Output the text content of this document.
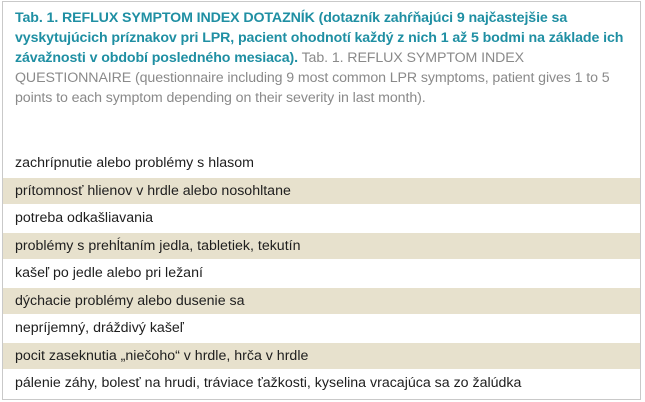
Tab. 1. REFLUX SYMPTOM INDEX DOTAZNÍK (dotazník zahŕňajúci 9 najčastejšie sa vyskytujúcich príznakov pri LPR, pacient ohodnotí každý z nich 1 až 5 bodmi na základe ich závažnosti v období posledného mesiaca). Tab. 1. REFLUX SYMPTOM INDEX QUESTIONNAIRE (questionnaire including 9 most common LPR symptoms, patient gives 1 to 5 points to each symptom depending on their severity in last month).
zachrípnutie alebo problémy s hlasom
prítomnosť hlienov v hrdle alebo nosohltane
potreba odkašliavania
problémy s prehĺtaním jedla, tabletiek, tekutín
kašeľ po jedle alebo pri ležaní
dýchacie problémy alebo dusenie sa
nepríjemný, dráždivý kašeľ
pocit zaseknutia „niečoho“ v hrdle, hrča v hrdle
pálenie záhy, bolesť na hrudi, tráviace ťažkosti, kyselina vracajúca sa zo žalúdka
